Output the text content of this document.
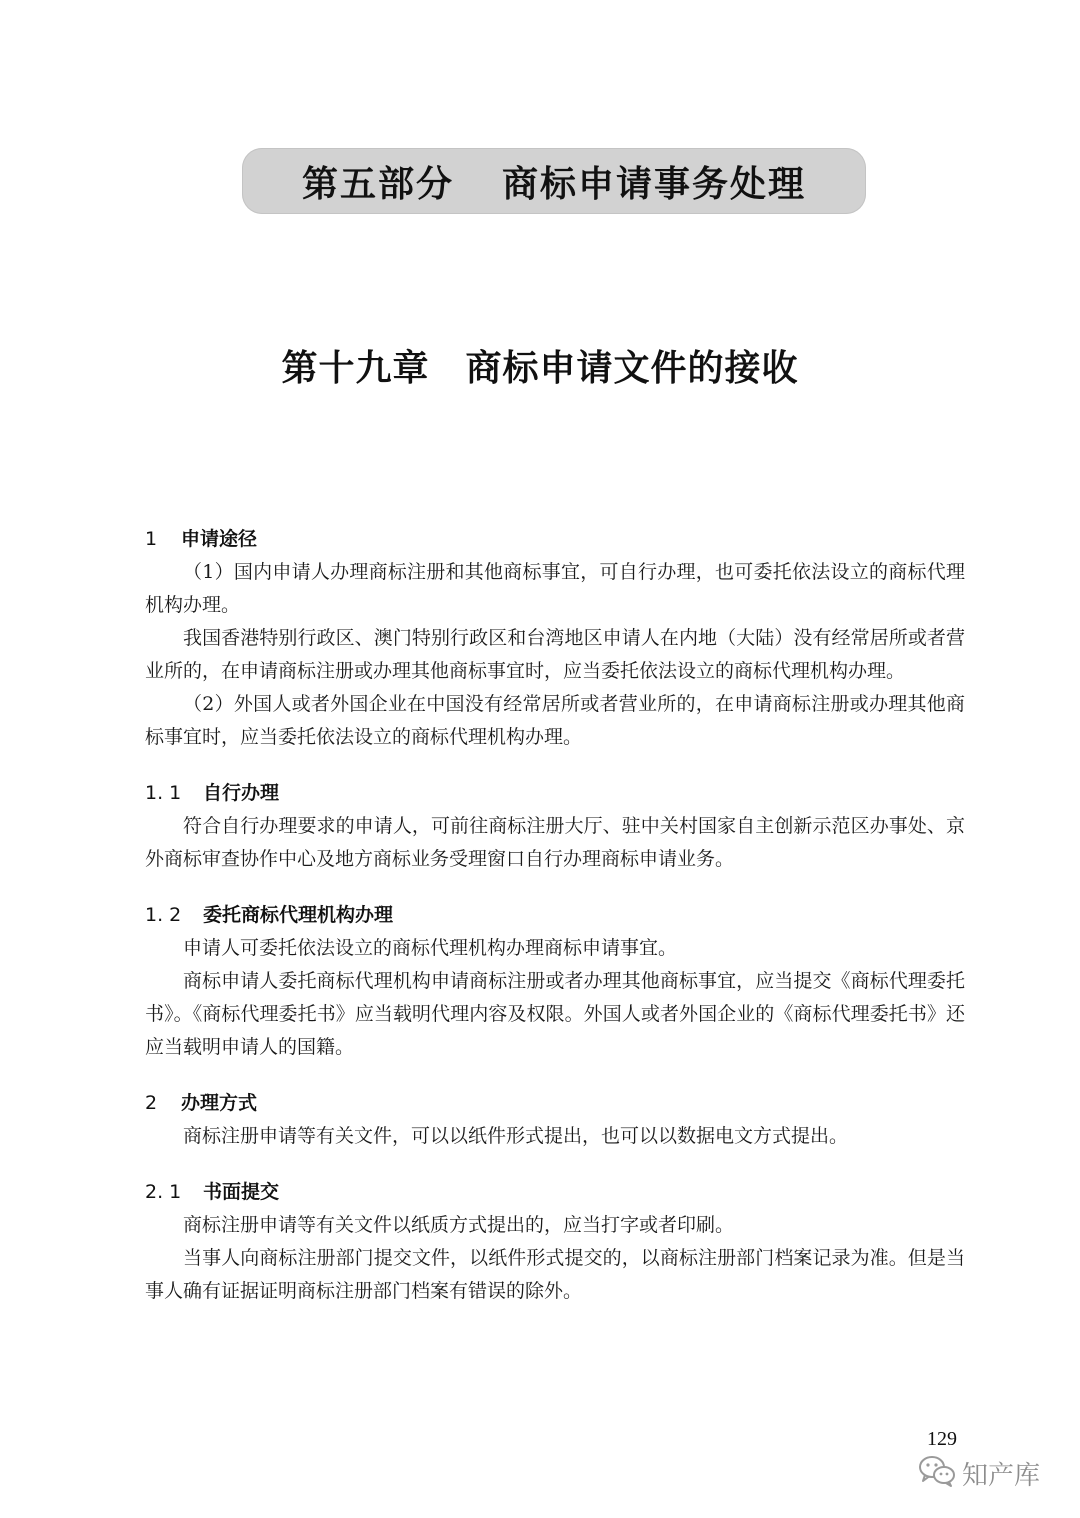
第五部分 商标申请事务处理
第十九章 商标申请文件的接收
1 申请途径
（1）国内申请人办理商标注册和其他商标事宜，可自行办理，也可委托依法设立的商标代理机构办理。
我国香港特别行政区、澳门特别行政区和台湾地区申请人在内地（大陆）没有经常居所或者营业所的，在申请商标注册或办理其他商标事宜时，应当委托依法设立的商标代理机构办理。
（2）外国人或者外国企业在中国没有经常居所或者营业所的，在申请商标注册或办理其他商标事宜时，应当委托依法设立的商标代理机构办理。
1. 1 自行办理
符合自行办理要求的申请人，可前往商标注册大厅、驻中关村国家自主创新示范区办事处、京外商标审查协作中心及地方商标业务受理窗口自行办理商标申请业务。
1. 2 委托商标代理机构办理
申请人可委托依法设立的商标代理机构办理商标申请事宜。
商标申请人委托商标代理机构申请商标注册或者办理其他商标事宜，应当提交《商标代理委托书》。《商标代理委托书》应当载明代理内容及权限。外国人或者外国企业的《商标代理委托书》还应当载明申请人的国籍。
2 办理方式
商标注册申请等有关文件，可以以纸件形式提出，也可以以数据电文方式提出。
2. 1 书面提交
商标注册申请等有关文件以纸质方式提出的，应当打字或者印刷。
当事人向商标注册部门提交文件，以纸件形式提交的，以商标注册部门档案记录为准。但是当事人确有证据证明商标注册部门档案有错误的除外。
129
知产库
